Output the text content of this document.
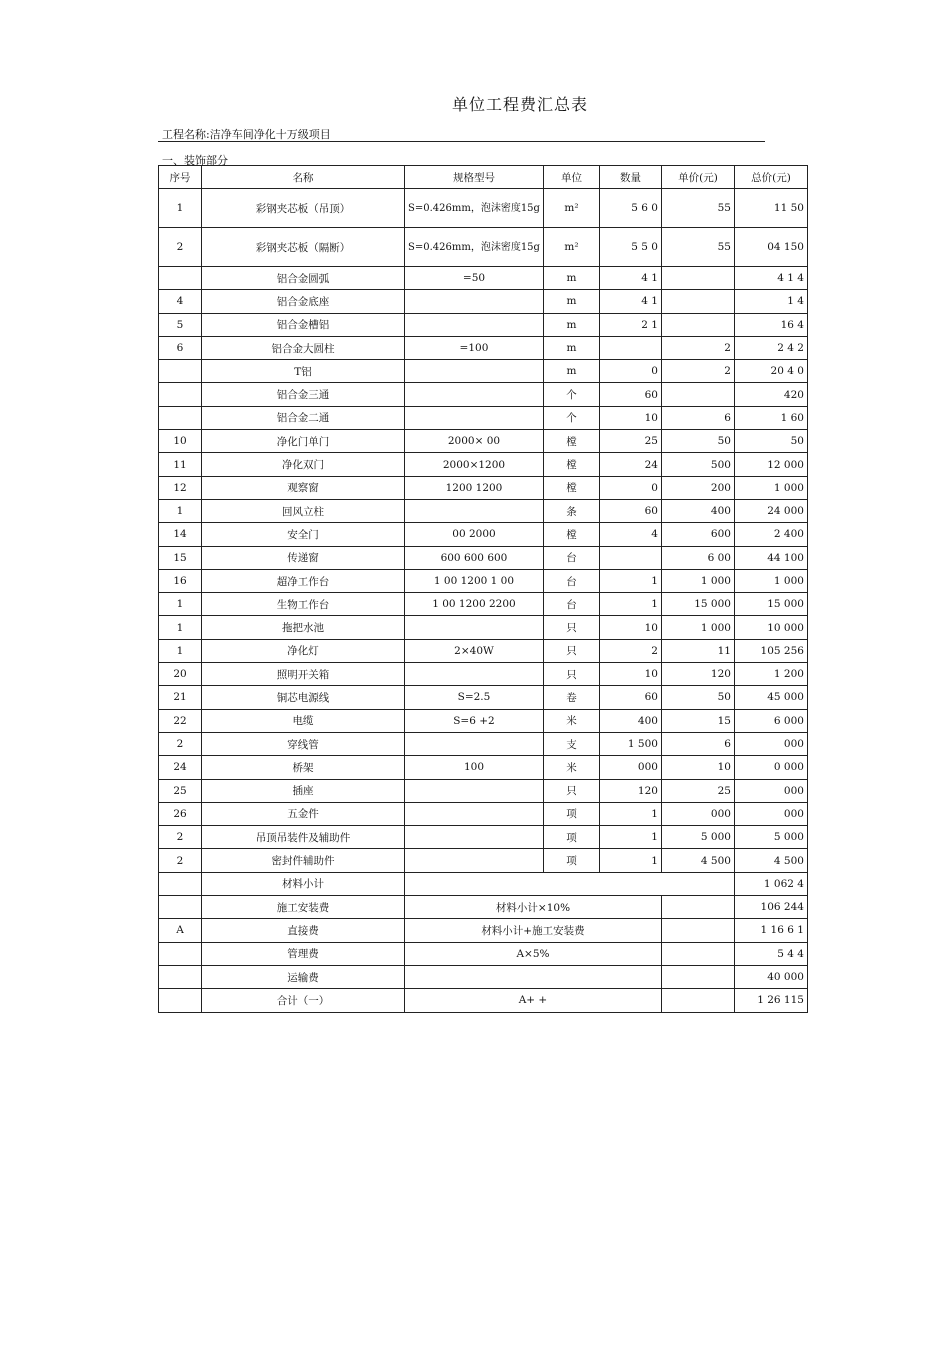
单位工程费汇总表
工程名称:洁净车间净化十万级项目
一、装饰部分
序号	名称	规格型号	单位	数量	单价(元)	总价(元)
1	彩钢夹芯板（吊顶）	S=0.426mm，泡沫密度15g	m²	5 6 0	55	11 50
2	彩钢夹芯板（隔断）	S=0.426mm，泡沫密度15g	m²	5 5 0	55	04 150
	铝合金圆弧	=50	m	4 1		4 1 4
4	铝合金底座		m	4 1		1 4
5	铝合金槽铝		m	2 1		16 4
6	铝合金大圆柱	=100	m		2	2 4 2
	T铝		m	0	2	20 4 0
	铝合金三通		个	60		420
	铝合金二通		个	10	6	1 60
10	净化门单门	2000× 00	樘	25	50	50
11	净化双门	2000×1200	樘	24	500	12 000
12	观察窗	1200 1200	樘	0	200	1 000
1	回风立柱		条	60	400	24 000
14	安全门	00 2000	樘	4	600	2 400
15	传递窗	600 600 600	台		6 00	44 100
16	超净工作台	1 00 1200 1 00	台	1	1 000	1 000
1	生物工作台	1 00 1200 2200	台	1	15 000	15 000
1	拖把水池		只	10	1 000	10 000
1	净化灯	2×40W	只	2	11	105 256
20	照明开关箱		只	10	120	1 200
21	铜芯电源线	S=2.5	卷	60	50	45 000
22	电缆	S=6 +2	米	400	15	6 000
2	穿线管		支	1 500	6	000
24	桥架	100	米	000	10	0 000
25	插座		只	120	25	000
26	五金件		项	1	000	000
2	吊顶吊装件及辅助件		项	1	5 000	5 000
2	密封件辅助件		项	1	4 500	4 500
	材料小计					1 062 4
	施工安装费	材料小计×10%				106 244
A	直接费	材料小计+施工安装费				1 16 6 1
	管理费	A×5%				5 4 4
	运输费					40 000
	合计（一）	A+ +				1 26 115
